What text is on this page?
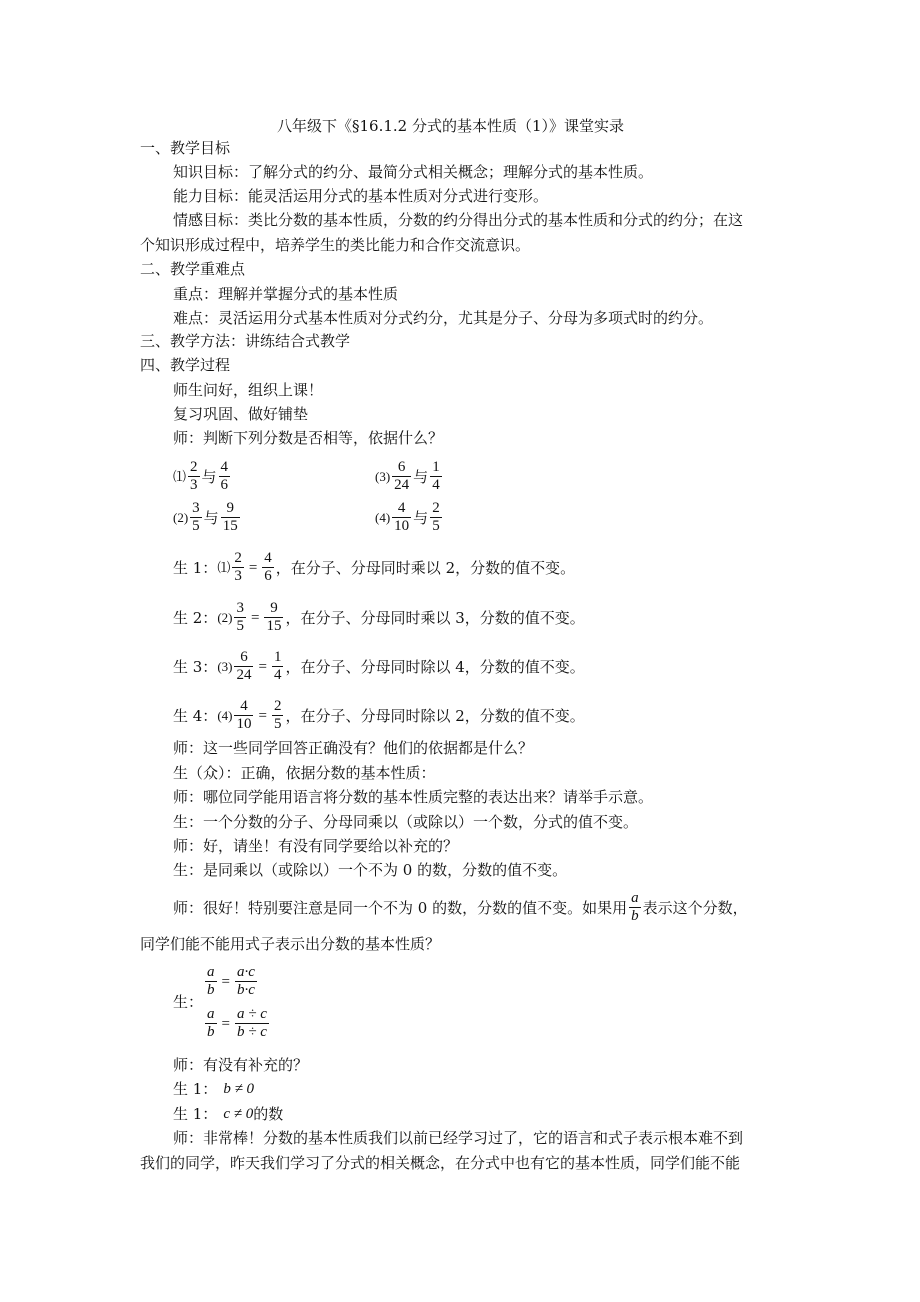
八年级下《§16.1.2 分式的基本性质（1）》课堂实录
一、教学目标
知识目标：了解分式的约分、最简分式相关概念；理解分式的基本性质。
能力目标：能灵活运用分式的基本性质对分式进行变形。
情感目标：类比分数的基本性质，分数的约分得出分式的基本性质和分式的约分；在这
个知识形成过程中，培养学生的类比能力和合作交流意识。
二、教学重难点
重点：理解并掌握分式的基本性质
难点：灵活运用分式基本性质对分式约分，尤其是分子、分母为多项式时的约分。
三、教学方法：讲练结合式教学
四、教学过程
师生问好，组织上课！
复习巩固、做好铺垫
师：判断下列分数是否相等，依据什么？
⑴ $\frac{2}{3}$ 与 $\frac{4}{6}$	$(3) \frac{6}{24}$ 与 $\frac{1}{4}$
$(2) \frac{3}{5}$ 与 $\frac{9}{15}$	$(4) \frac{4}{10}$ 与 $\frac{2}{5}$
生 1： ⑴ $\frac{2}{3} = \frac{4}{6}$ ，在分子、分母同时乘以 2，分数的值不变。
生 2： $(2) \frac{3}{5} = \frac{9}{15}$ ，在分子、分母同时乘以 3，分数的值不变。
生 3： $(3) \frac{6}{24} = \frac{1}{4}$ ，在分子、分母同时除以 4，分数的值不变。
生 4： $(4) \frac{4}{10} = \frac{2}{5}$ ，在分子、分母同时除以 2，分数的值不变。
师：这一些同学回答正确没有？他们的依据都是什么？
生（众）：正确，依据分数的基本性质：
师：哪位同学能用语言将分数的基本性质完整的表达出来？请举手示意。
生：一个分数的分子、分母同乘以（或除以）一个数，分式的值不变。
师：好，请坐！有没有同学要给以补充的？
生：是同乘以（或除以）一个不为 0 的数，分数的值不变。
师：很好！特别要注意是同一个不为 0 的数，分数的值不变。如果用 $\frac{a}{b}$ 表示这个分数，
同学们能不能用式子表示出分数的基本性质？
生：
$\frac{a}{b} = \frac{a\cdot c}{b\cdot c}$
$\frac{a}{b} = \frac{a \div c}{b \div c}$
师：有没有补充的？
生 1： b ≠ 0
生 1： c ≠ 0 的数
师：非常棒！分数的基本性质我们以前已经学习过了，它的语言和式子表示根本难不到
我们的同学，昨天我们学习了分式的相关概念，在分式中也有它的基本性质，同学们能不能
